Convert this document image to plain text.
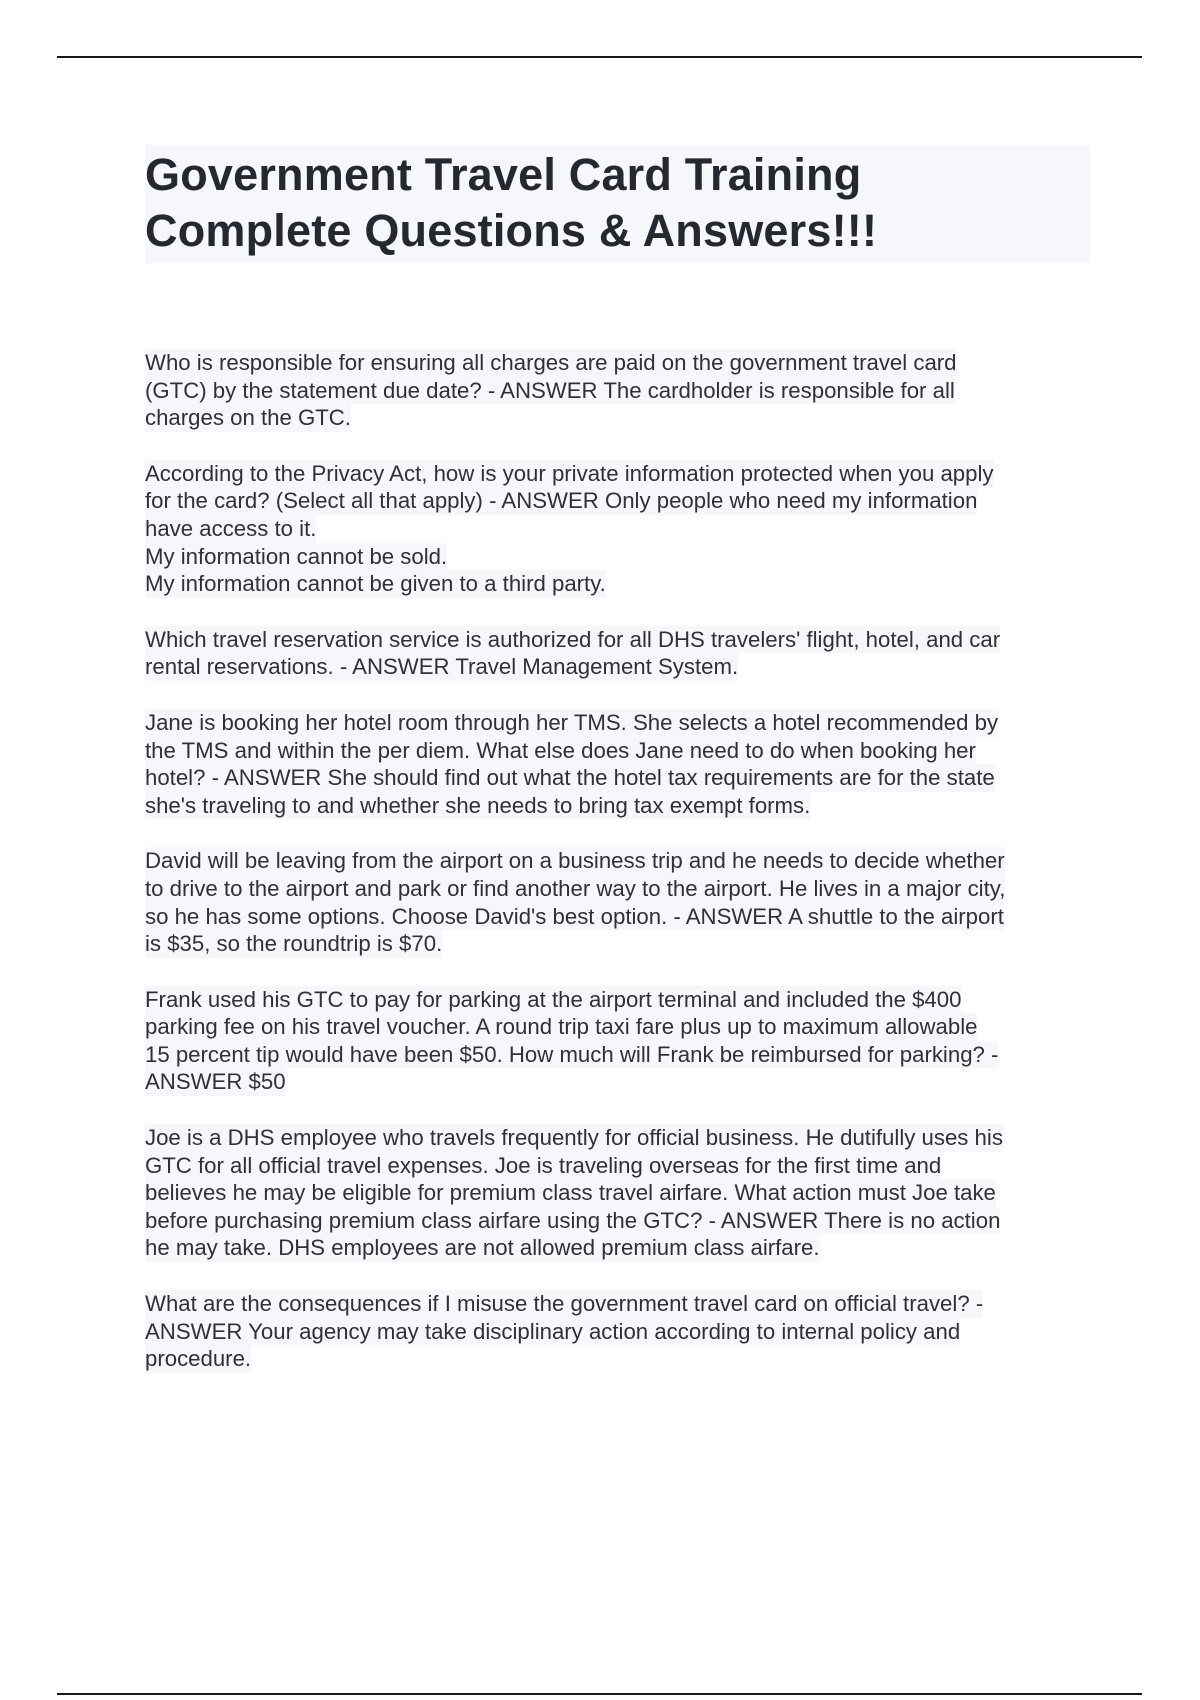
Government Travel Card Training
Complete Questions & Answers!!!
Who is responsible for ensuring all charges are paid on the government travel card
(GTC) by the statement due date? - ANSWER The cardholder is responsible for all
charges on the GTC.
According to the Privacy Act, how is your private information protected when you apply
for the card? (Select all that apply) - ANSWER Only people who need my information
have access to it.
My information cannot be sold.
My information cannot be given to a third party.
Which travel reservation service is authorized for all DHS travelers' flight, hotel, and car
rental reservations. - ANSWER Travel Management System.
Jane is booking her hotel room through her TMS. She selects a hotel recommended by
the TMS and within the per diem. What else does Jane need to do when booking her
hotel? - ANSWER She should find out what the hotel tax requirements are for the state
she's traveling to and whether she needs to bring tax exempt forms.
David will be leaving from the airport on a business trip and he needs to decide whether
to drive to the airport and park or find another way to the airport. He lives in a major city,
so he has some options. Choose David's best option. - ANSWER A shuttle to the airport
is $35, so the roundtrip is $70.
Frank used his GTC to pay for parking at the airport terminal and included the $400
parking fee on his travel voucher. A round trip taxi fare plus up to maximum allowable
15 percent tip would have been $50. How much will Frank be reimbursed for parking? -
ANSWER $50
Joe is a DHS employee who travels frequently for official business. He dutifully uses his
GTC for all official travel expenses. Joe is traveling overseas for the first time and
believes he may be eligible for premium class travel airfare. What action must Joe take
before purchasing premium class airfare using the GTC? - ANSWER There is no action
he may take. DHS employees are not allowed premium class airfare.
What are the consequences if I misuse the government travel card on official travel? -
ANSWER Your agency may take disciplinary action according to internal policy and
procedure.
